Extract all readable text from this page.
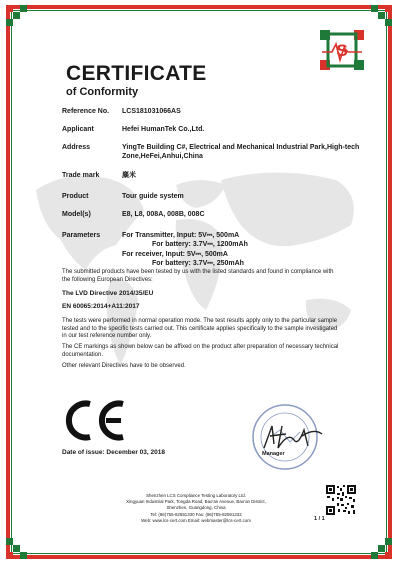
S
CERTIFICATE
of Conformity
Reference No. LCS181031066AS
Applicant	Hefei HumanTek Co.,Ltd.
Address	YingTe Building C#, Electrical and Mechanical Industrial Park,High-tech Zone,HeFei,Anhui,China
Trade mark	麋米
Product	Tour guide system
Model(s)	E8, L8, 008A, 008B, 008C
Parameters	For Transmitter, Input: 5V⎓, 500mA
For battery: 3.7V⎓, 1200mAh
For receiver, Input: 5V⎓, 500mA
For battery: 3.7V⎓, 250mAh
The submitted products have been tested by us with the listed standards and found in compliance with the following European Directives:
The LVD Directive 2014/35/EU
EN 60065:2014+A11:2017
The tests were performed in normal operation mode. The test results apply only to the particular sample tested and to the specific tests carried out. This certificate applies specifically to the sample investigated in our test reference number only.
The CE markings as shown below can be affixed on the product after preparation of necessary technical documentation.
Other relevant Directives have to be observed.
Manager
Date of issue: December 03, 2018
Shenzhen LCS Compliance Testing Laboratory Ltd.
Xingyuan Industrial Park, Tongda Road, Bao'an Avenue, Bao'an District,
Shenzhen, Guangdong, China
Tel: (86)755-82591330 Fax: (86)755-82591332
Web: www.lcs-cert.com Email: webmaster@lcs-cert.com	1 / 1
